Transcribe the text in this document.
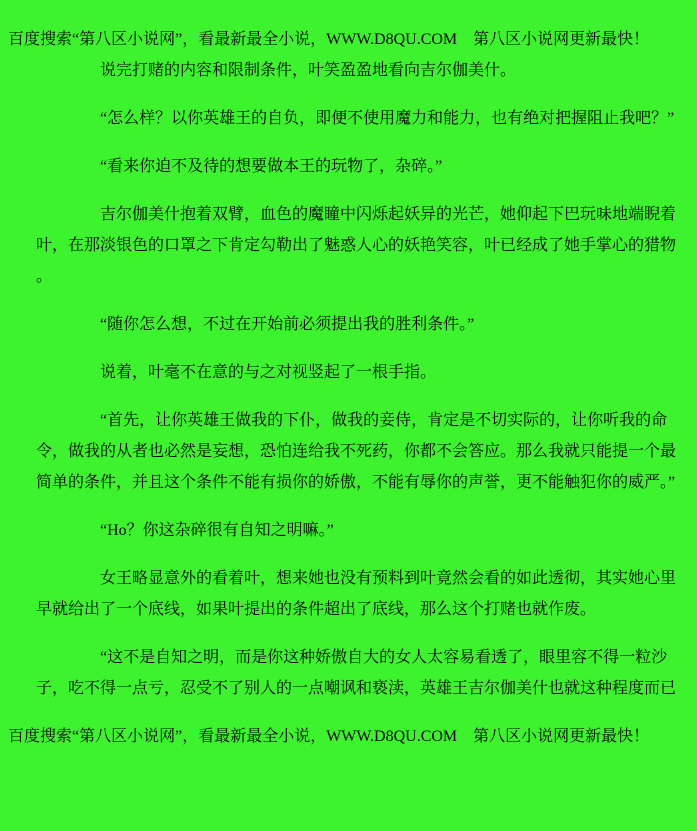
百度搜索“第八区小说网”，看最新最全小说，WWW.D8QU.COM　第八区小说网更新最快！

说完打赌的内容和限制条件，叶笑盈盈地看向吉尔伽美什。

“怎么样？以你英雄王的自负，即便不使用魔力和能力，也有绝对把握阻止我吧？”

“看来你迫不及待的想要做本王的玩物了，杂碎。”

吉尔伽美什抱着双臂，血色的魔瞳中闪烁起妖异的光芒，她仰起下巴玩味地端睨着叶，在那淡银色的口罩之下肯定勾勒出了魅惑人心的妖艳笑容，叶已经成了她手掌心的猎物。

“随你怎么想，不过在开始前必须提出我的胜利条件。”

说着，叶毫不在意的与之对视竖起了一根手指。

“首先，让你英雄王做我的下仆，做我的妾侍，肯定是不切实际的，让你听我的命令，做我的从者也必然是妄想，恐怕连给我不死药，你都不会答应。那么我就只能提一个最简单的条件，并且这个条件不能有损你的娇傲，不能有辱你的声誉，更不能触犯你的威严。”

“Ho？你这杂碎很有自知之明嘛。”

女王略显意外的看着叶，想来她也没有预料到叶竟然会看的如此透彻，其实她心里早就给出了一个底线，如果叶提出的条件超出了底线，那么这个打赌也就作废。

“这不是自知之明，而是你这种娇傲自大的女人太容易看透了，眼里容不得一粒沙子，吃不得一点亏，忍受不了别人的一点嘲讽和亵渎，英雄王吉尔伽美什也就这种程度而已

百度搜索“第八区小说网”，看最新最全小说，WWW.D8QU.COM　第八区小说网更新最快！
